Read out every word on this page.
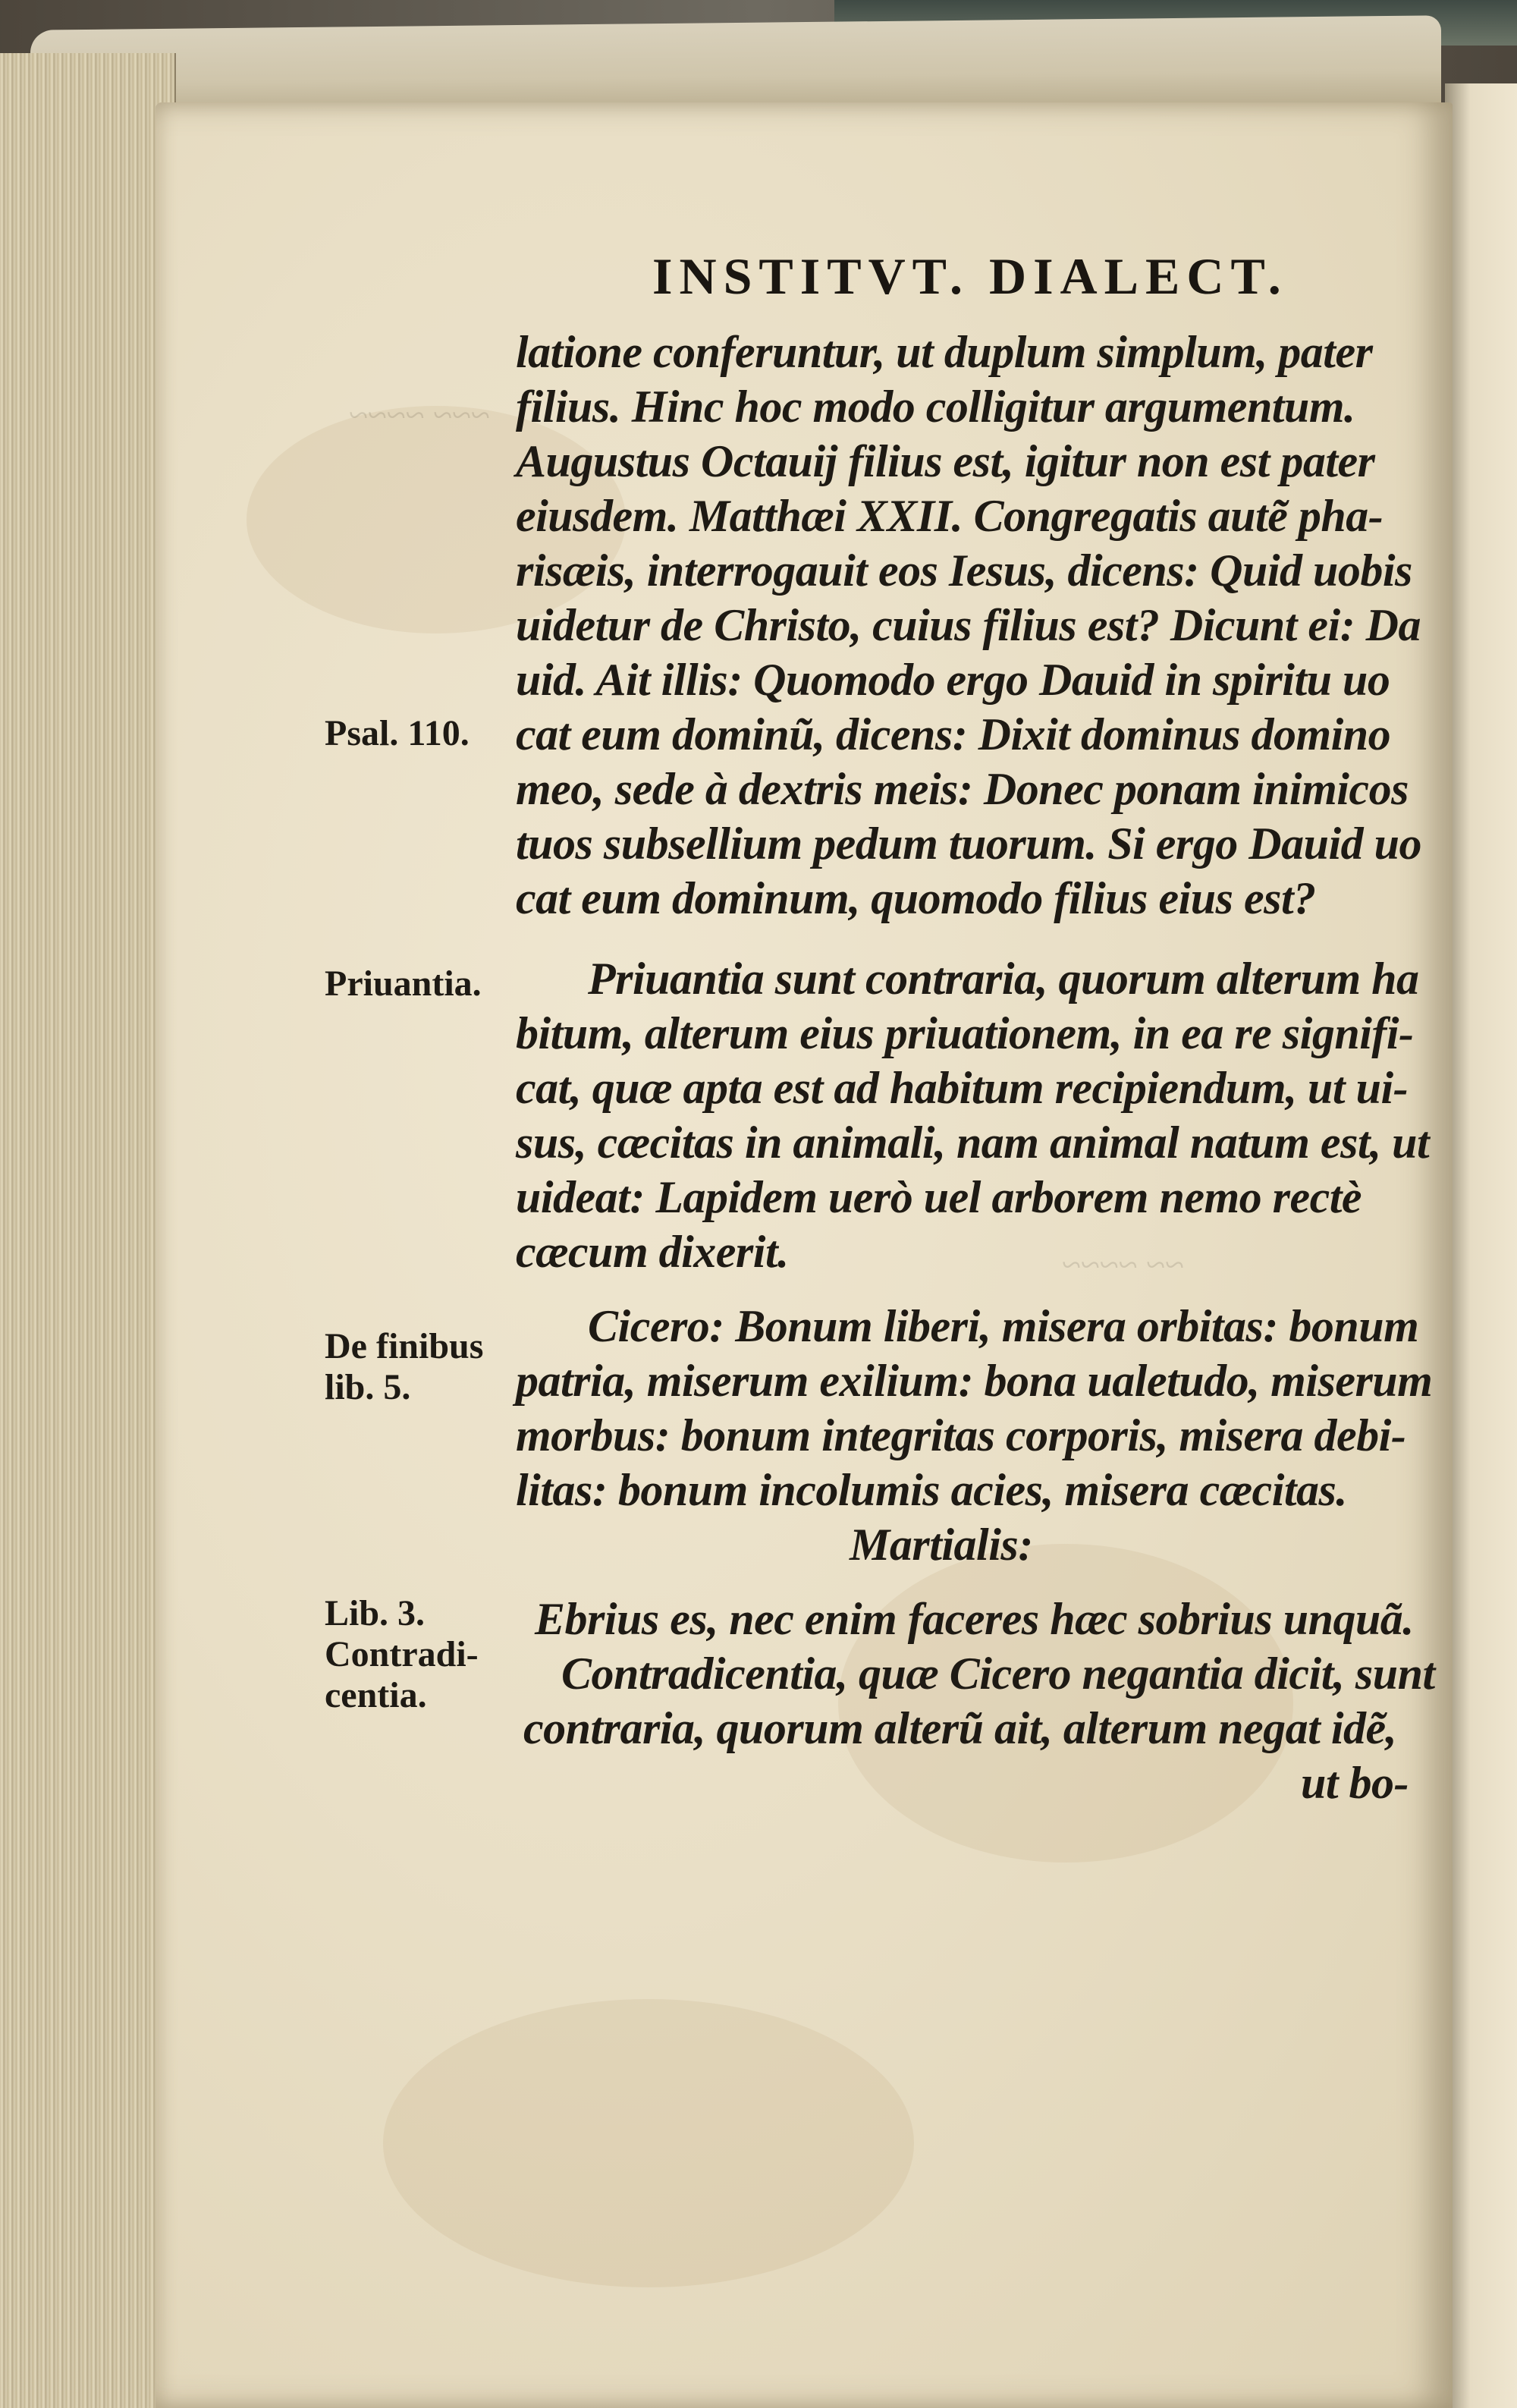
~~~ ~~~~
~~ ~~~~
INSTITVT. DIALECT.
latione conferuntur, ut duplum simplum, pater
filius. Hinc hoc modo colligitur argumentum.
Augustus Octauij filius est, igitur non est pater
eiusdem. Matthæi XXII. Congregatis autẽ pha-
risæis, interrogauit eos Iesus, dicens: Quid uobis
uidetur de Christo, cuius filius est? Dicunt ei: Da
uid. Ait illis: Quomodo ergo Dauid in spiritu uo
cat eum dominũ, dicens: Dixit dominus domino
meo, sede à dextris meis: Donec ponam inimicos
tuos subsellium pedum tuorum. Si ergo Dauid uo
cat eum dominum, quomodo filius eius est?
Priuantia sunt contraria, quorum alterum ha
bitum, alterum eius priuationem, in ea re signifi-
cat, quæ apta est ad habitum recipiendum, ut ui-
sus, cæcitas in animali, nam animal natum est, ut
uideat: Lapidem uerò uel arborem nemo rectè
cæcum dixerit.
Cicero: Bonum liberi, misera orbitas: bonum
patria, miserum exilium: bona ualetudo, miserum
morbus: bonum integritas corporis, misera debi-
litas: bonum incolumis acies, misera cæcitas.
Martialis:
Ebrius es, nec enim faceres hæc sobrius unquã.
Contradicentia, quæ Cicero negantia dicit, sunt
contraria, quorum alterũ ait, alterum negat idẽ,
ut bo-
Psal. 110.
Priuantia.
De finibus
lib. 5.
Lib. 3.
Contradi-
centia.
